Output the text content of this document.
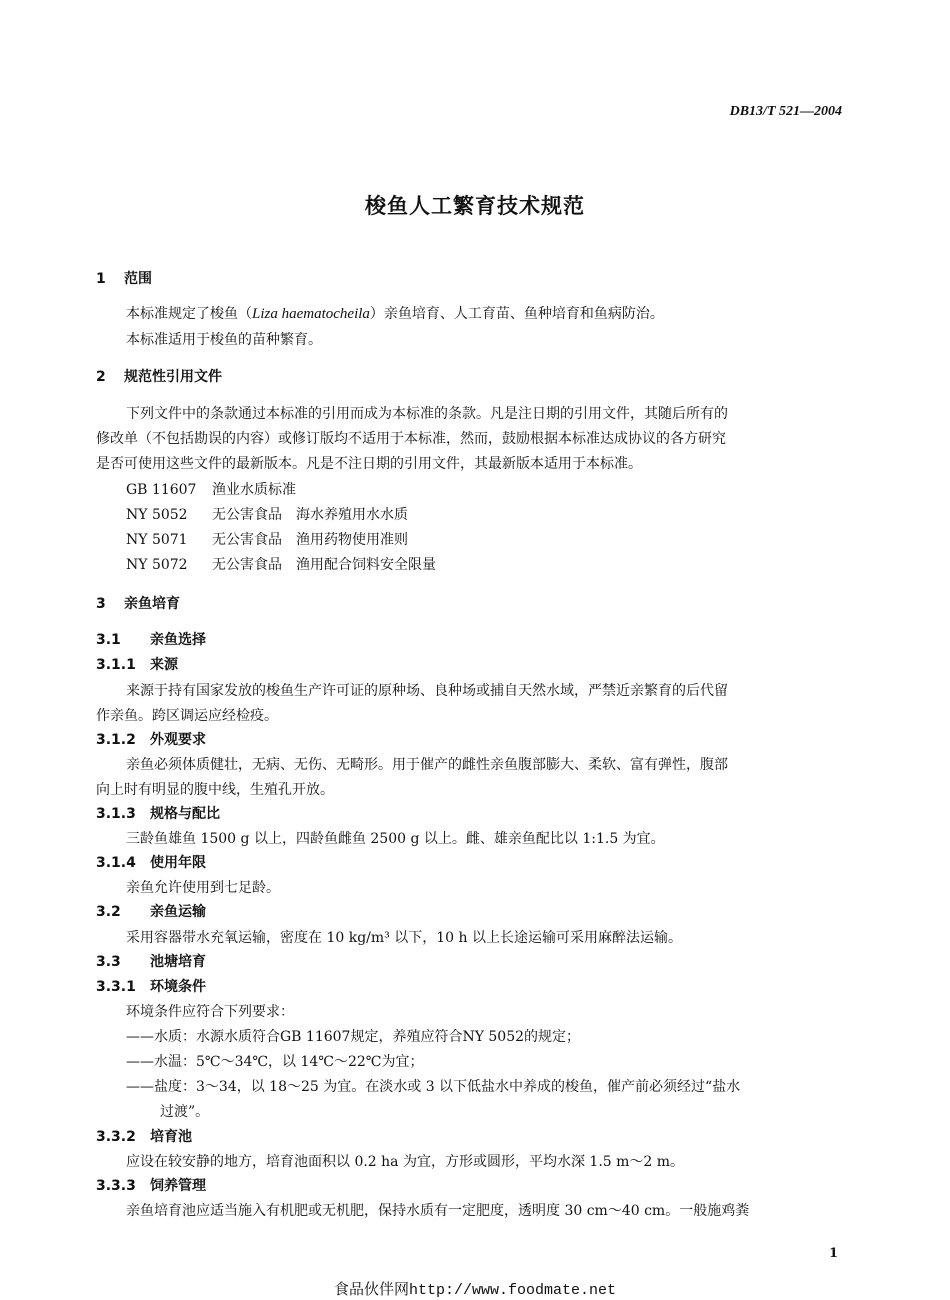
DB13/T 521—2004
梭鱼人工繁育技术规范
1 范围
本标准规定了梭鱼（Liza haematocheila）亲鱼培育、人工育苗、鱼种培育和鱼病防治。
本标准适用于梭鱼的苗种繁育。
2 规范性引用文件
下列文件中的条款通过本标准的引用而成为本标准的条款。凡是注日期的引用文件，其随后所有的
修改单（不包括勘误的内容）或修订版均不适用于本标准，然而，鼓励根据本标准达成协议的各方研究
是否可使用这些文件的最新版本。凡是不注日期的引用文件，其最新版本适用于本标准。
GB 11607 渔业水质标准
NY 5052 无公害食品　海水养殖用水水质
NY 5071 无公害食品　渔用药物使用准则
NY 5072 无公害食品　渔用配合饲料安全限量
3 亲鱼培育
3.1 亲鱼选择
3.1.1 来源
来源于持有国家发放的梭鱼生产许可证的原种场、良种场或捕自天然水域，严禁近亲繁育的后代留
作亲鱼。跨区调运应经检疫。
3.1.2 外观要求
亲鱼必须体质健壮，无病、无伤、无畸形。用于催产的雌性亲鱼腹部膨大、柔软、富有弹性，腹部
向上时有明显的腹中线，生殖孔开放。
3.1.3 规格与配比
三龄鱼雄鱼 1500 g 以上，四龄鱼雌鱼 2500 g 以上。雌、雄亲鱼配比以 1:1.5 为宜。
3.1.4 使用年限
亲鱼允许使用到七足龄。
3.2 亲鱼运输
采用容器带水充氧运输，密度在 10 kg/m³ 以下，10 h 以上长途运输可采用麻醉法运输。
3.3 池塘培育
3.3.1 环境条件
环境条件应符合下列要求：
——水质：水源水质符合GB 11607规定，养殖应符合NY 5052的规定；
——水温：5℃～34℃，以 14℃～22℃为宜；
——盐度：3～34，以 18～25 为宜。在淡水或 3 以下低盐水中养成的梭鱼，催产前必须经过“盐水
过渡”。
3.3.2 培育池
应设在较安静的地方，培育池面积以 0.2 ha 为宜，方形或圆形，平均水深 1.5 m～2 m。
3.3.3 饲养管理
亲鱼培育池应适当施入有机肥或无机肥，保持水质有一定肥度，透明度 30 cm～40 cm。一般施鸡粪
1
食品伙伴网http://www.foodmate.net
